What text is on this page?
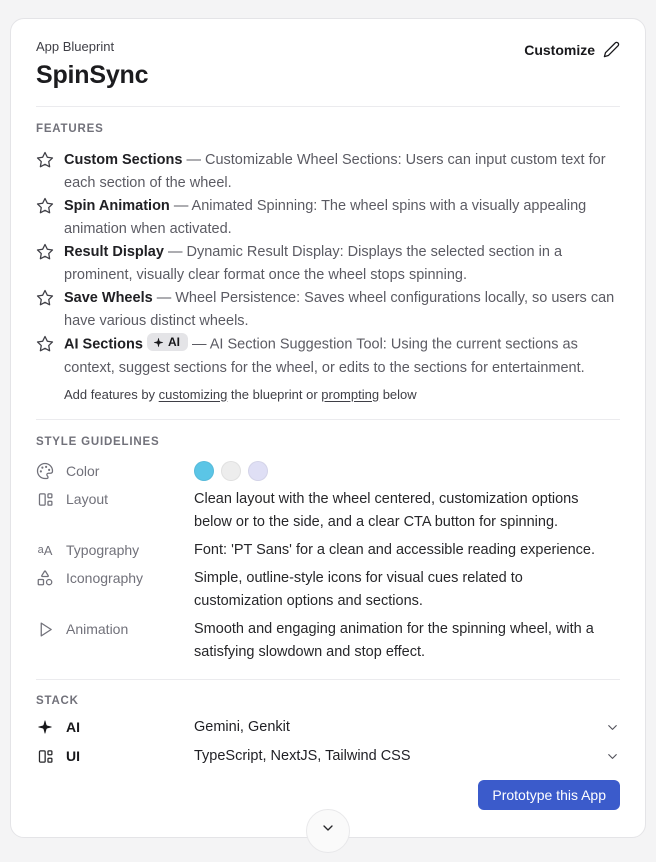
App Blueprint
SpinSync
Customize
FEATURES

Custom Sections — Customizable Wheel Sections: Users can input custom text for each section of the wheel.

Spin Animation — Animated Spinning: The wheel spins with a visually appealing animation when activated.

Result Display — Dynamic Result Display: Displays the selected section in a prominent, visually clear format once the wheel stops spinning.

Save Wheels — Wheel Persistence: Saves wheel configurations locally, so users can have various distinct wheels.

AI Sections AI — AI Section Suggestion Tool: Using the current sections as context, suggest sections for the wheel, or edits to the sections for entertainment.

Add features by customizing the blueprint or prompting below

STYLE GUIDELINES
Color
Layout	Clean layout with the wheel centered, customization options below or to the side, and a clear CTA button for spinning.
a A Typography	Font: 'PT Sans' for a clean and accessible reading experience.
Iconography	Simple, outline-style icons for visual cues related to customization options and sections.
Animation	Smooth and engaging animation for the spinning wheel, with a satisfying slowdown and stop effect.
STACK
AI	Gemini, Genkit
UI	TypeScript, NextJS, Tailwind CSS
Prototype this App
